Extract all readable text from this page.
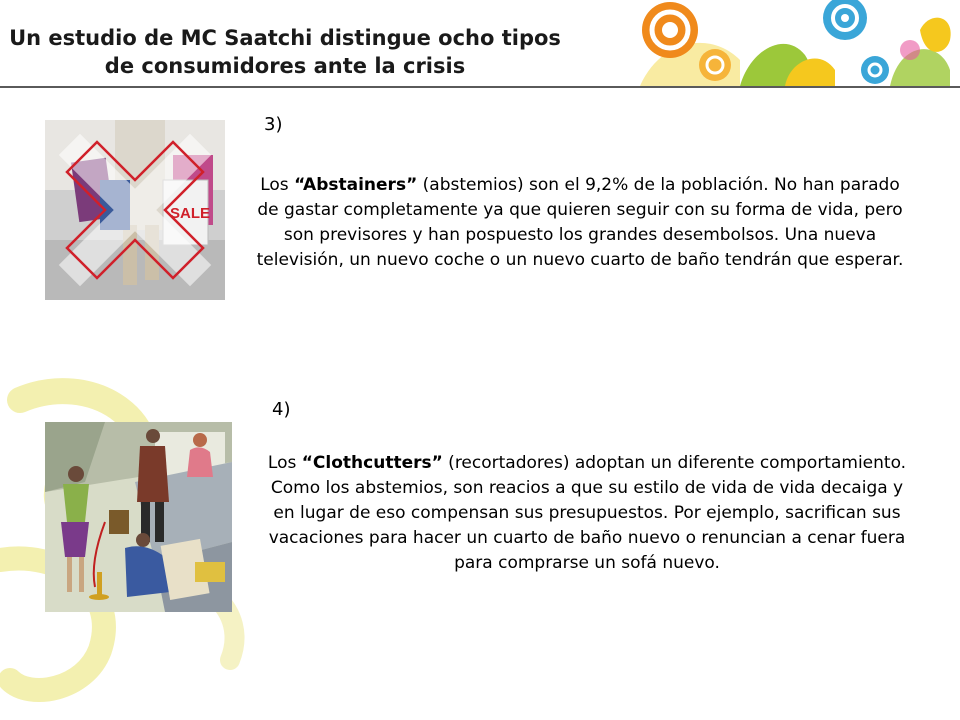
Un estudio de MC Saatchi distingue ocho tipos de consumidores ante la crisis
SALE
3)
Los “Abstainers” (abstemios) son el 9,2% de la población. No han parado de gastar completamente ya que quieren seguir con su forma de vida, pero son previsores y han pospuesto los grandes desembolsos. Una nueva televisión, un nuevo coche o un nuevo cuarto de baño tendrán que esperar.
4)
Los “Clothcutters” (recortadores) adoptan un diferente comportamiento. Como los abstemios, son reacios a que su estilo de vida de vida decaiga y en lugar de eso compensan sus presupuestos. Por ejemplo, sacrifican sus vacaciones para hacer un cuarto de baño nuevo o renuncian a cenar fuera para comprarse un sofá nuevo.
